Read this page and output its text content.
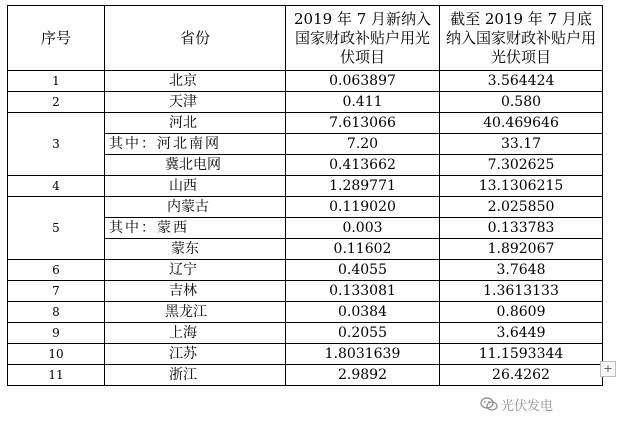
序号	省份	2019 年 7 月新纳入国家财政补贴户用光伏项目	截至 2019 年 7 月底纳入国家财政补贴户用光伏项目
1	北京	0.063897	3.564424
2	天津	0.411	0.580
3	河北	7.613066	40.469646
	其中：河北南网	7.20	33.17
	冀北电网	0.413662	7.302625
4	山西	1.289771	13.1306215
5	内蒙古	0.119020	2.025850
	其中：蒙西	0.003	0.133783
	蒙东	0.11602	1.892067
6	辽宁	0.4055	3.7648
7	吉林	0.133081	1.3613133
8	黑龙江	0.0384	0.8609
9	上海	0.2055	3.6449
10	江苏	1.8031639	11.1593344
11	浙江	2.9892	26.4262	+
光伏发电
